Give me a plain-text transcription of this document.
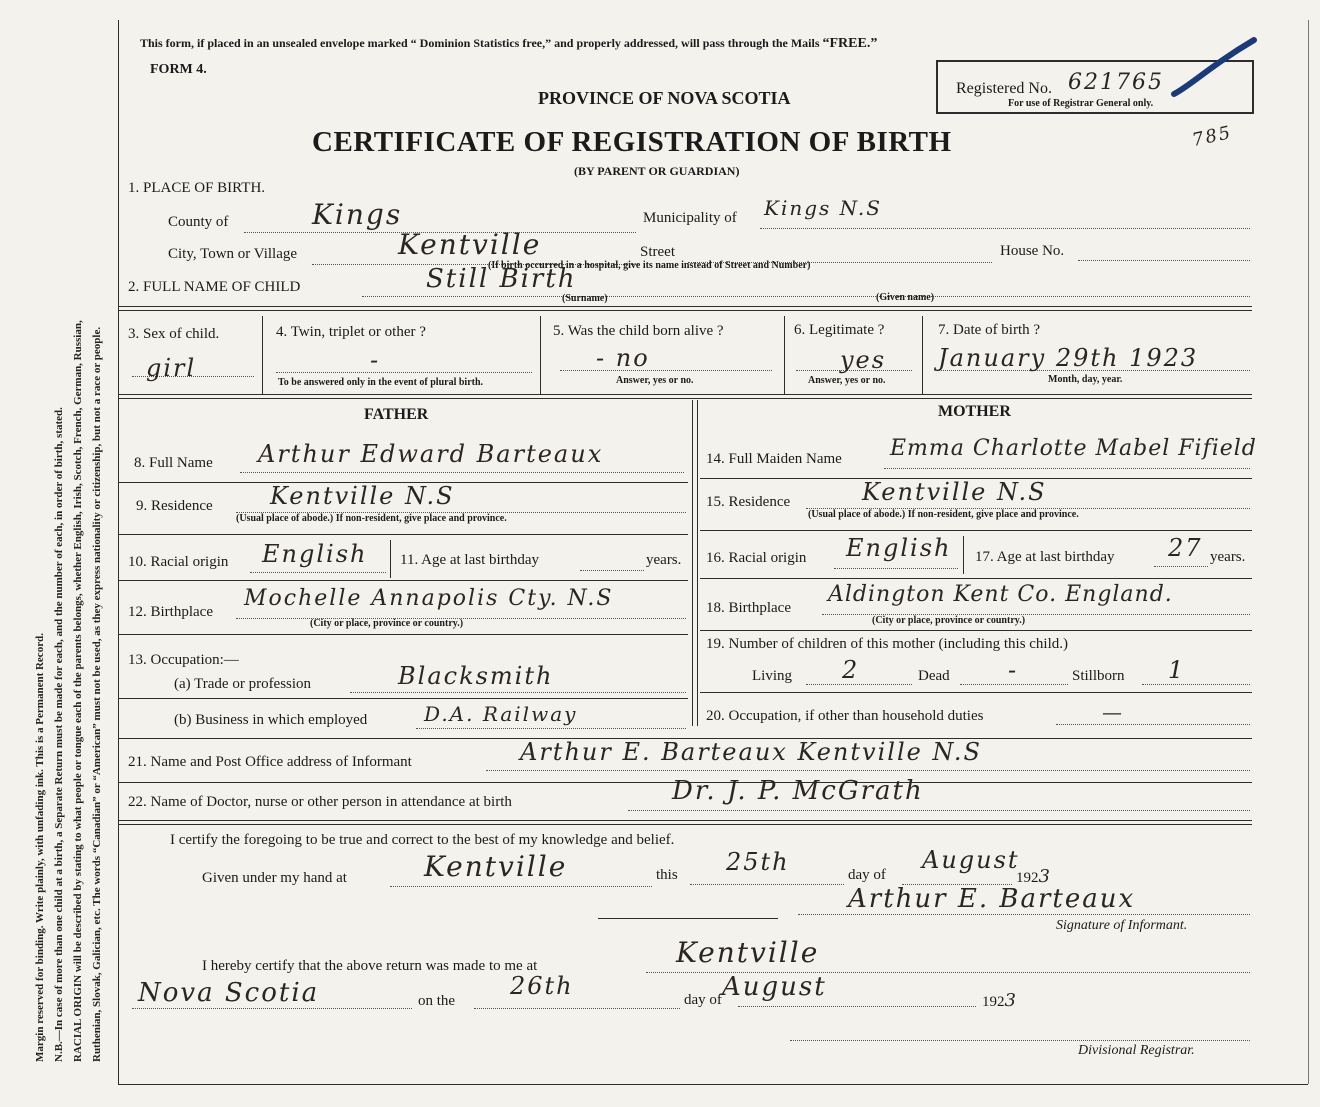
Margin reserved for binding. Write plainly, with unfading ink. This is a Permanent Record. N.B.—In case of more than one child at a birth, a Separate Return must be made for each, and the number of each, in order of birth, stated. RACIAL ORIGIN will be described by stating to what people or tongue each of the parents belongs, whether English, Irish, Scotch, French, German, Russian, Ruthenian, Slovak, Galician, etc. The words “Canadian” or “American” must not be used, as they express nationality or citizenship, but not a race or people.
This form, if placed in an unsealed envelope marked “ Dominion Statistics free,” and properly addressed, will pass through the Mails “FREE.”
FORM 4.
PROVINCE OF NOVA SCOTIA
CERTIFICATE OF REGISTRATION OF BIRTH
(BY PARENT OR GUARDIAN)
Registered No. 621765
For use of Registrar General only.
785
1. PLACE OF BIRTH.
County of	Kings	Municipality of Kings N.S
City, Town or Village	Kentville	Street
(If birth occurred in a hospital, give its name instead of Street and Number)
House No.
2. FULL NAME OF CHILD	Still Birth
(Surname)	(Given name)
3. Sex of child.
girl
4. Twin, triplet or other ?
-
To be answered only in the event of plural birth.
5. Was the child born alive ?
- no
Answer, yes or no.
6. Legitimate ?
yes
Answer, yes or no.
7. Date of birth ?
January 29th 1923
Month, day, year.
FATHER	MOTHER
8. Full Name Arthur Edward Barteaux
9. Residence Kentville N.S
(Usual place of abode.) If non-resident, give place and province.
10. Racial origin English 11. Age at last birthday	years.
12. Birthplace
Mochelle Annapolis Cty. N.S
(City or place, province or country.)
13. Occupation:—
(a) Trade or profession	Blacksmith
(b) Business in which employed	D.A. Railway
14. Full Maiden Name Emma Charlotte Mabel Fifield
15. Residence	Kentville N.S
(Usual place of abode.) If non-resident, give place and province.
16. Racial origin English 17. Age at last birthday 27 years.
18. Birthplace
Aldington Kent Co. England.
(City or place, province or country.)
19. Number of children of this mother (including this child.)
Living 2	Dead -	Stillborn 1
20. Occupation, if other than household duties	—
21. Name and Post Office address of Informant	Arthur E. Barteaux Kentville N.S
22. Name of Doctor, nurse or other person in attendance at birth	Dr. J. P. McGrath
I certify the foregoing to be true and correct to the best of my knowledge and belief.
Given under my hand at	Kentville	this 25th	day of
August
1923
Arthur E. Barteaux
Signature of Informant.
I hereby certify that the above return was made to me at	Kentville
Nova Scotia	on the
26th	day of August	1923
Divisional Registrar.
